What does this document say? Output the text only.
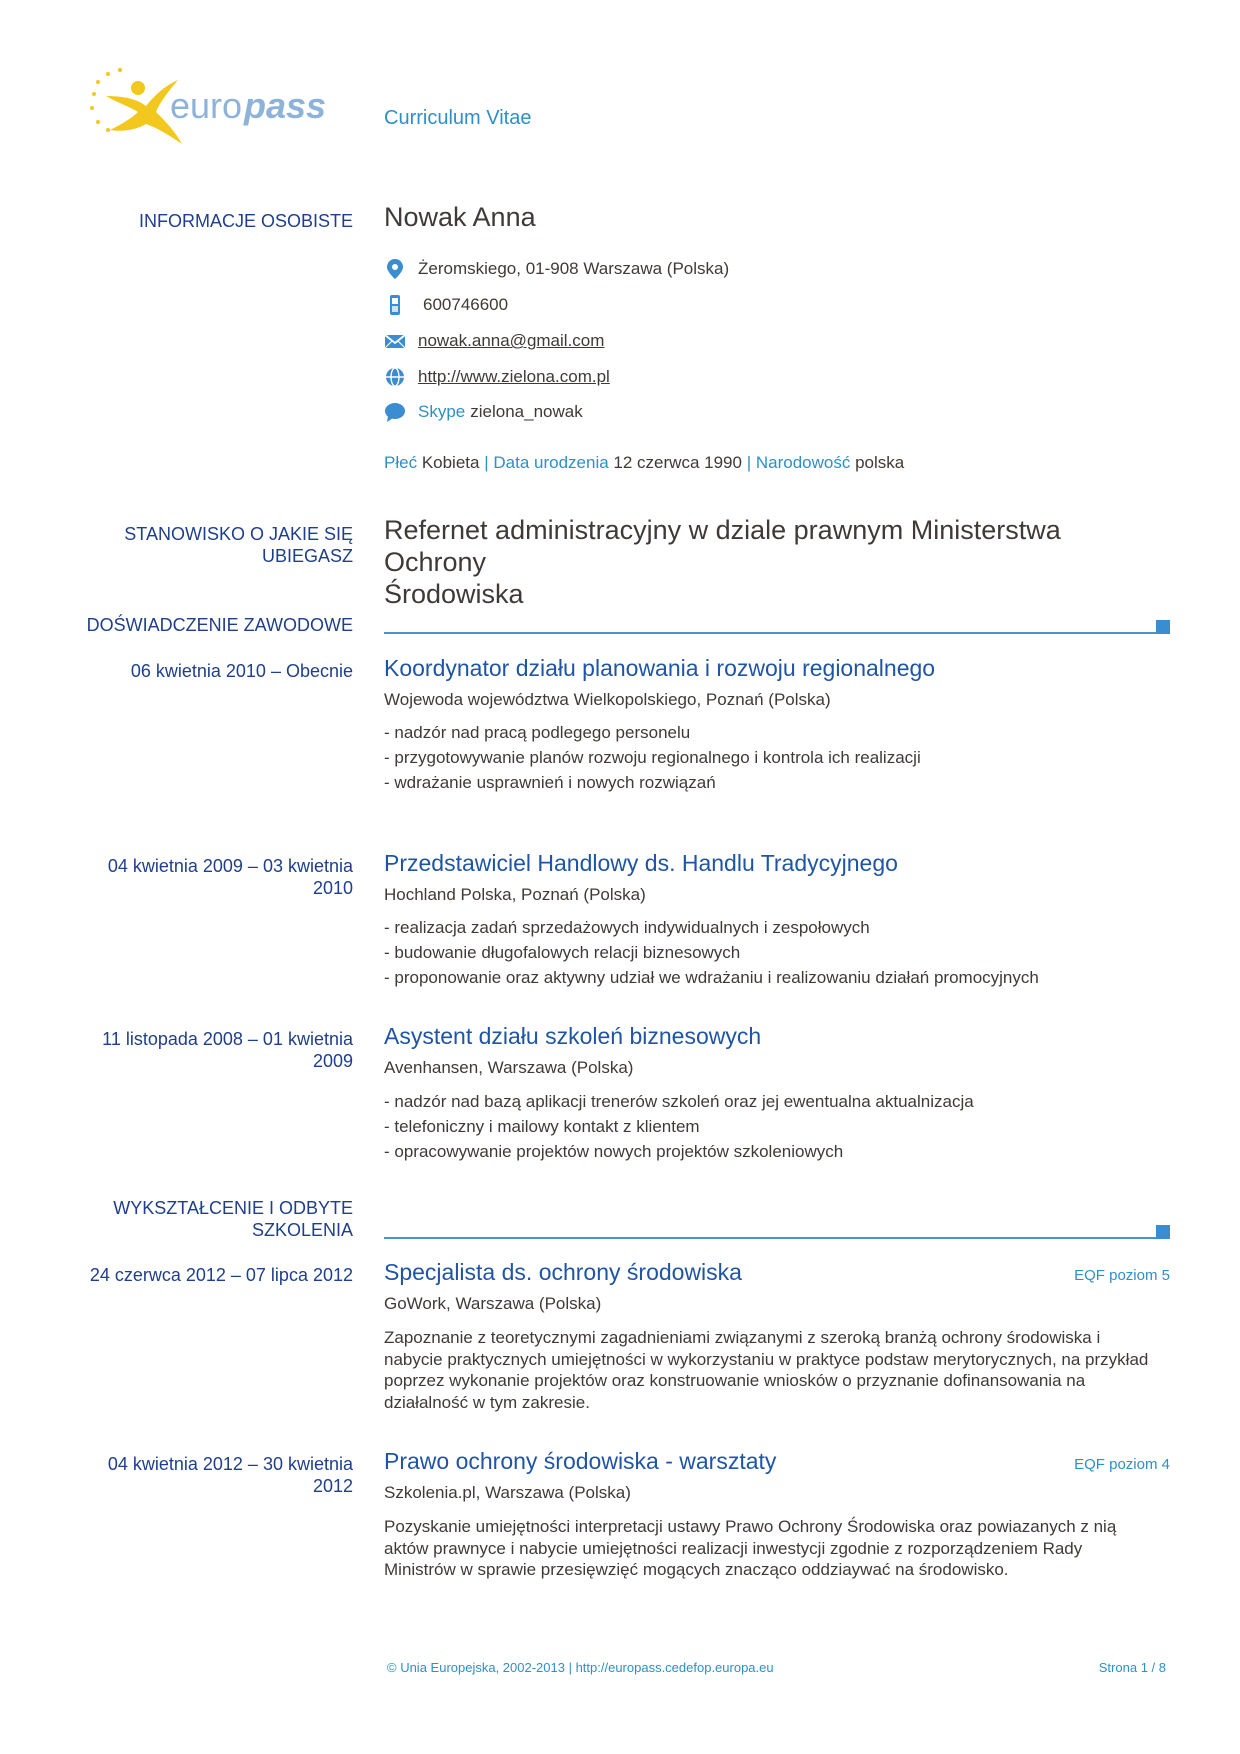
euro pass	Curriculum Vitae
INFORMACJE OSOBISTE Nowak Anna
Żeromskiego, 01-908 Warszawa (Polska)
600746600
nowak.anna@gmail.com
http://www.zielona.com.pl
Skype zielona_nowak
Płeć Kobieta | Data urodzenia 12 czerwca 1990 | Narodowość polska
STANOWISKO O JAKIE SIĘ
UBIEGASZ
Refernet administracyjny w dziale prawnym Ministerstwa Ochrony
Środowiska
DOŚWIADCZENIE ZAWODOWE
06 kwietnia 2010 – Obecnie Koordynator działu planowania i rozwoju regionalnego
Wojewoda województwa Wielkopolskiego, Poznań (Polska)
- nadzór nad pracą podlegego personelu
- przygotowywanie planów rozwoju regionalnego i kontrola ich realizacji
- wdrażanie usprawnień i nowych rozwiązań
04 kwietnia 2009 – 03 kwietnia
2010
Przedstawiciel Handlowy ds. Handlu Tradycyjnego
Hochland Polska, Poznań (Polska)
- realizacja zadań sprzedażowych indywidualnych i zespołowych
- budowanie długofalowych relacji biznesowych
- proponowanie oraz aktywny udział we wdrażaniu i realizowaniu działań promocyjnych
11 listopada 2008 – 01 kwietnia
2009
Asystent działu szkoleń biznesowych
Avenhansen, Warszawa (Polska)
- nadzór nad bazą aplikacji trenerów szkoleń oraz jej ewentualna aktualnizacja
- telefoniczny i mailowy kontakt z klientem
- opracowywanie projektów nowych projektów szkoleniowych
WYKSZTAŁCENIE I ODBYTE
SZKOLENIA
24 czerwca 2012 – 07 lipca 2012 Specjalista ds. ochrony środowiska	EQF poziom 5
GoWork, Warszawa (Polska)
Zapoznanie z teoretycznymi zagadnieniami związanymi z szeroką branżą ochrony środowiska i
nabycie praktycznych umiejętności w wykorzystaniu w praktyce podstaw merytorycznych, na przykład
poprzez wykonanie projektów oraz konstruowanie wniosków o przyznanie dofinansowania na
działalność w tym zakresie.
04 kwietnia 2012 – 30 kwietnia
2012
Prawo ochrony środowiska - warsztaty	EQF poziom 4
Szkolenia.pl, Warszawa (Polska)
Pozyskanie umiejętności interpretacji ustawy Prawo Ochrony Środowiska oraz powiazanych z nią
aktów prawnyce i nabycie umiejętności realizacji inwestycji zgodnie z rozporządzeniem Rady
Ministrów w sprawie przesięwzięć mogących znacząco oddziaywać na środowisko.
© Unia Europejska, 2002-2013 | http://europass.cedefop.europa.eu	Strona 1 / 8
